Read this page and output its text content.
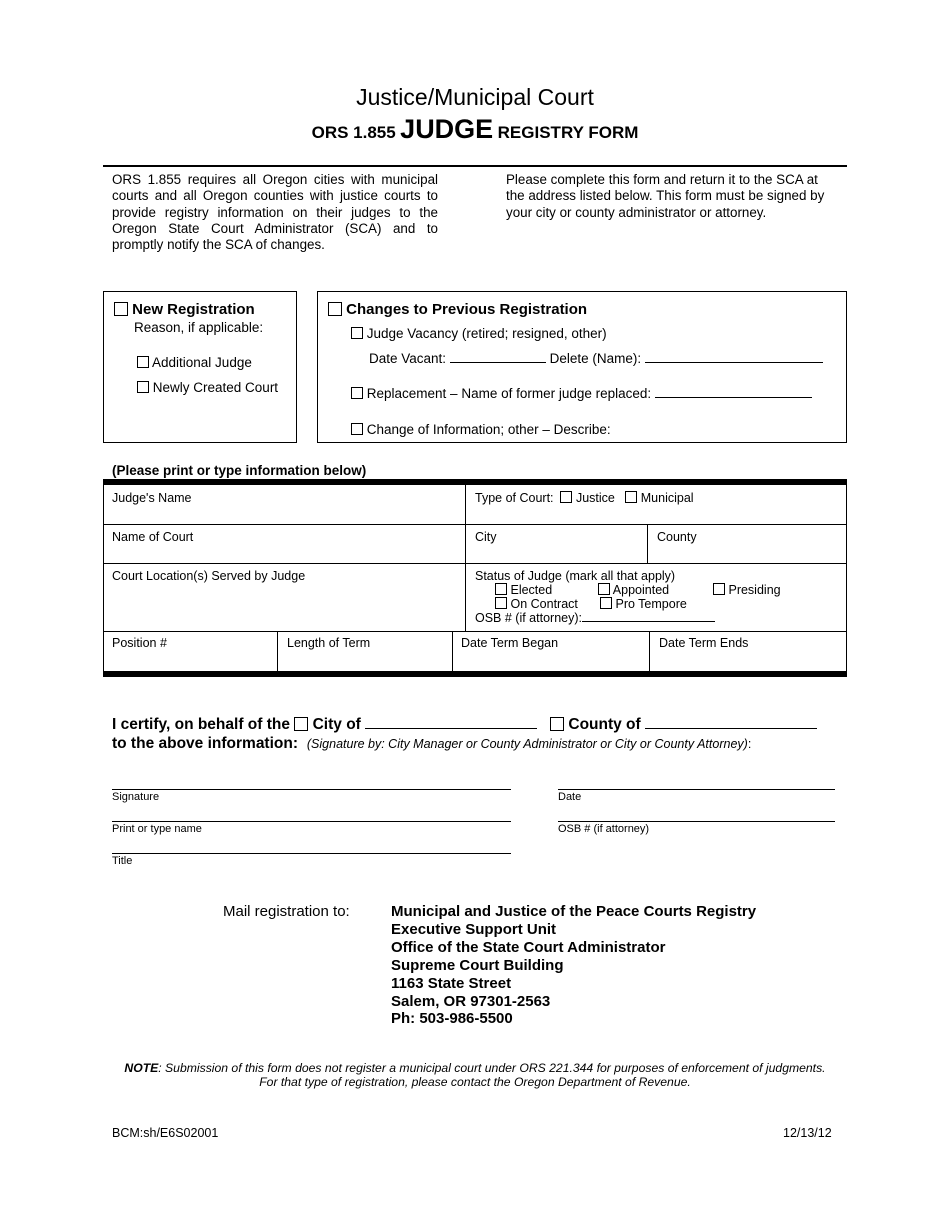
Justice/Municipal Court
ORS 1.855 JUDGE REGISTRY FORM
ORS 1.855 requires all Oregon cities with municipal courts and all Oregon counties with justice courts to provide registry information on their judges to the Oregon State Court Administrator (SCA) and to promptly notify the SCA of changes.
Please complete this form and return it to the SCA at the address listed below. This form must be signed by your city or county administrator or attorney.
New Registration
Reason, if applicable:
Additional Judge
Newly Created Court
Changes to Previous Registration
Judge Vacancy (retired; resigned, other)
Date Vacant:	Delete (Name):
Replacement – Name of former judge replaced:
Change of Information; other – Describe:
(Please print or type information below)
Judge's Name	Type of Court: Justice Municipal
Name of Court	City	County
Court Location(s) Served by Judge	Status of Judge (mark all that apply)
Elected	Appointed	Presiding
On Contract	Pro Tempore
OSB # (if attorney):
Position #	Length of Term	Date Term Began	Date Term Ends
I certify, on behalf of the City of	County of
to the above information: (Signature by: City Manager or County Administrator or City or County Attorney):
Signature	Date
Print or type name	OSB # (if attorney)
Title
Mail registration to:	Municipal and Justice of the Peace Courts Registry
Executive Support Unit
Office of the State Court Administrator
Supreme Court Building
1163 State Street
Salem, OR 97301-2563
Ph: 503-986-5500
NOTE: Submission of this form does not register a municipal court under ORS 221.344 for purposes of enforcement of judgments.
For that type of registration, please contact the Oregon Department of Revenue.
BCM:sh/E6S02001	12/13/12
